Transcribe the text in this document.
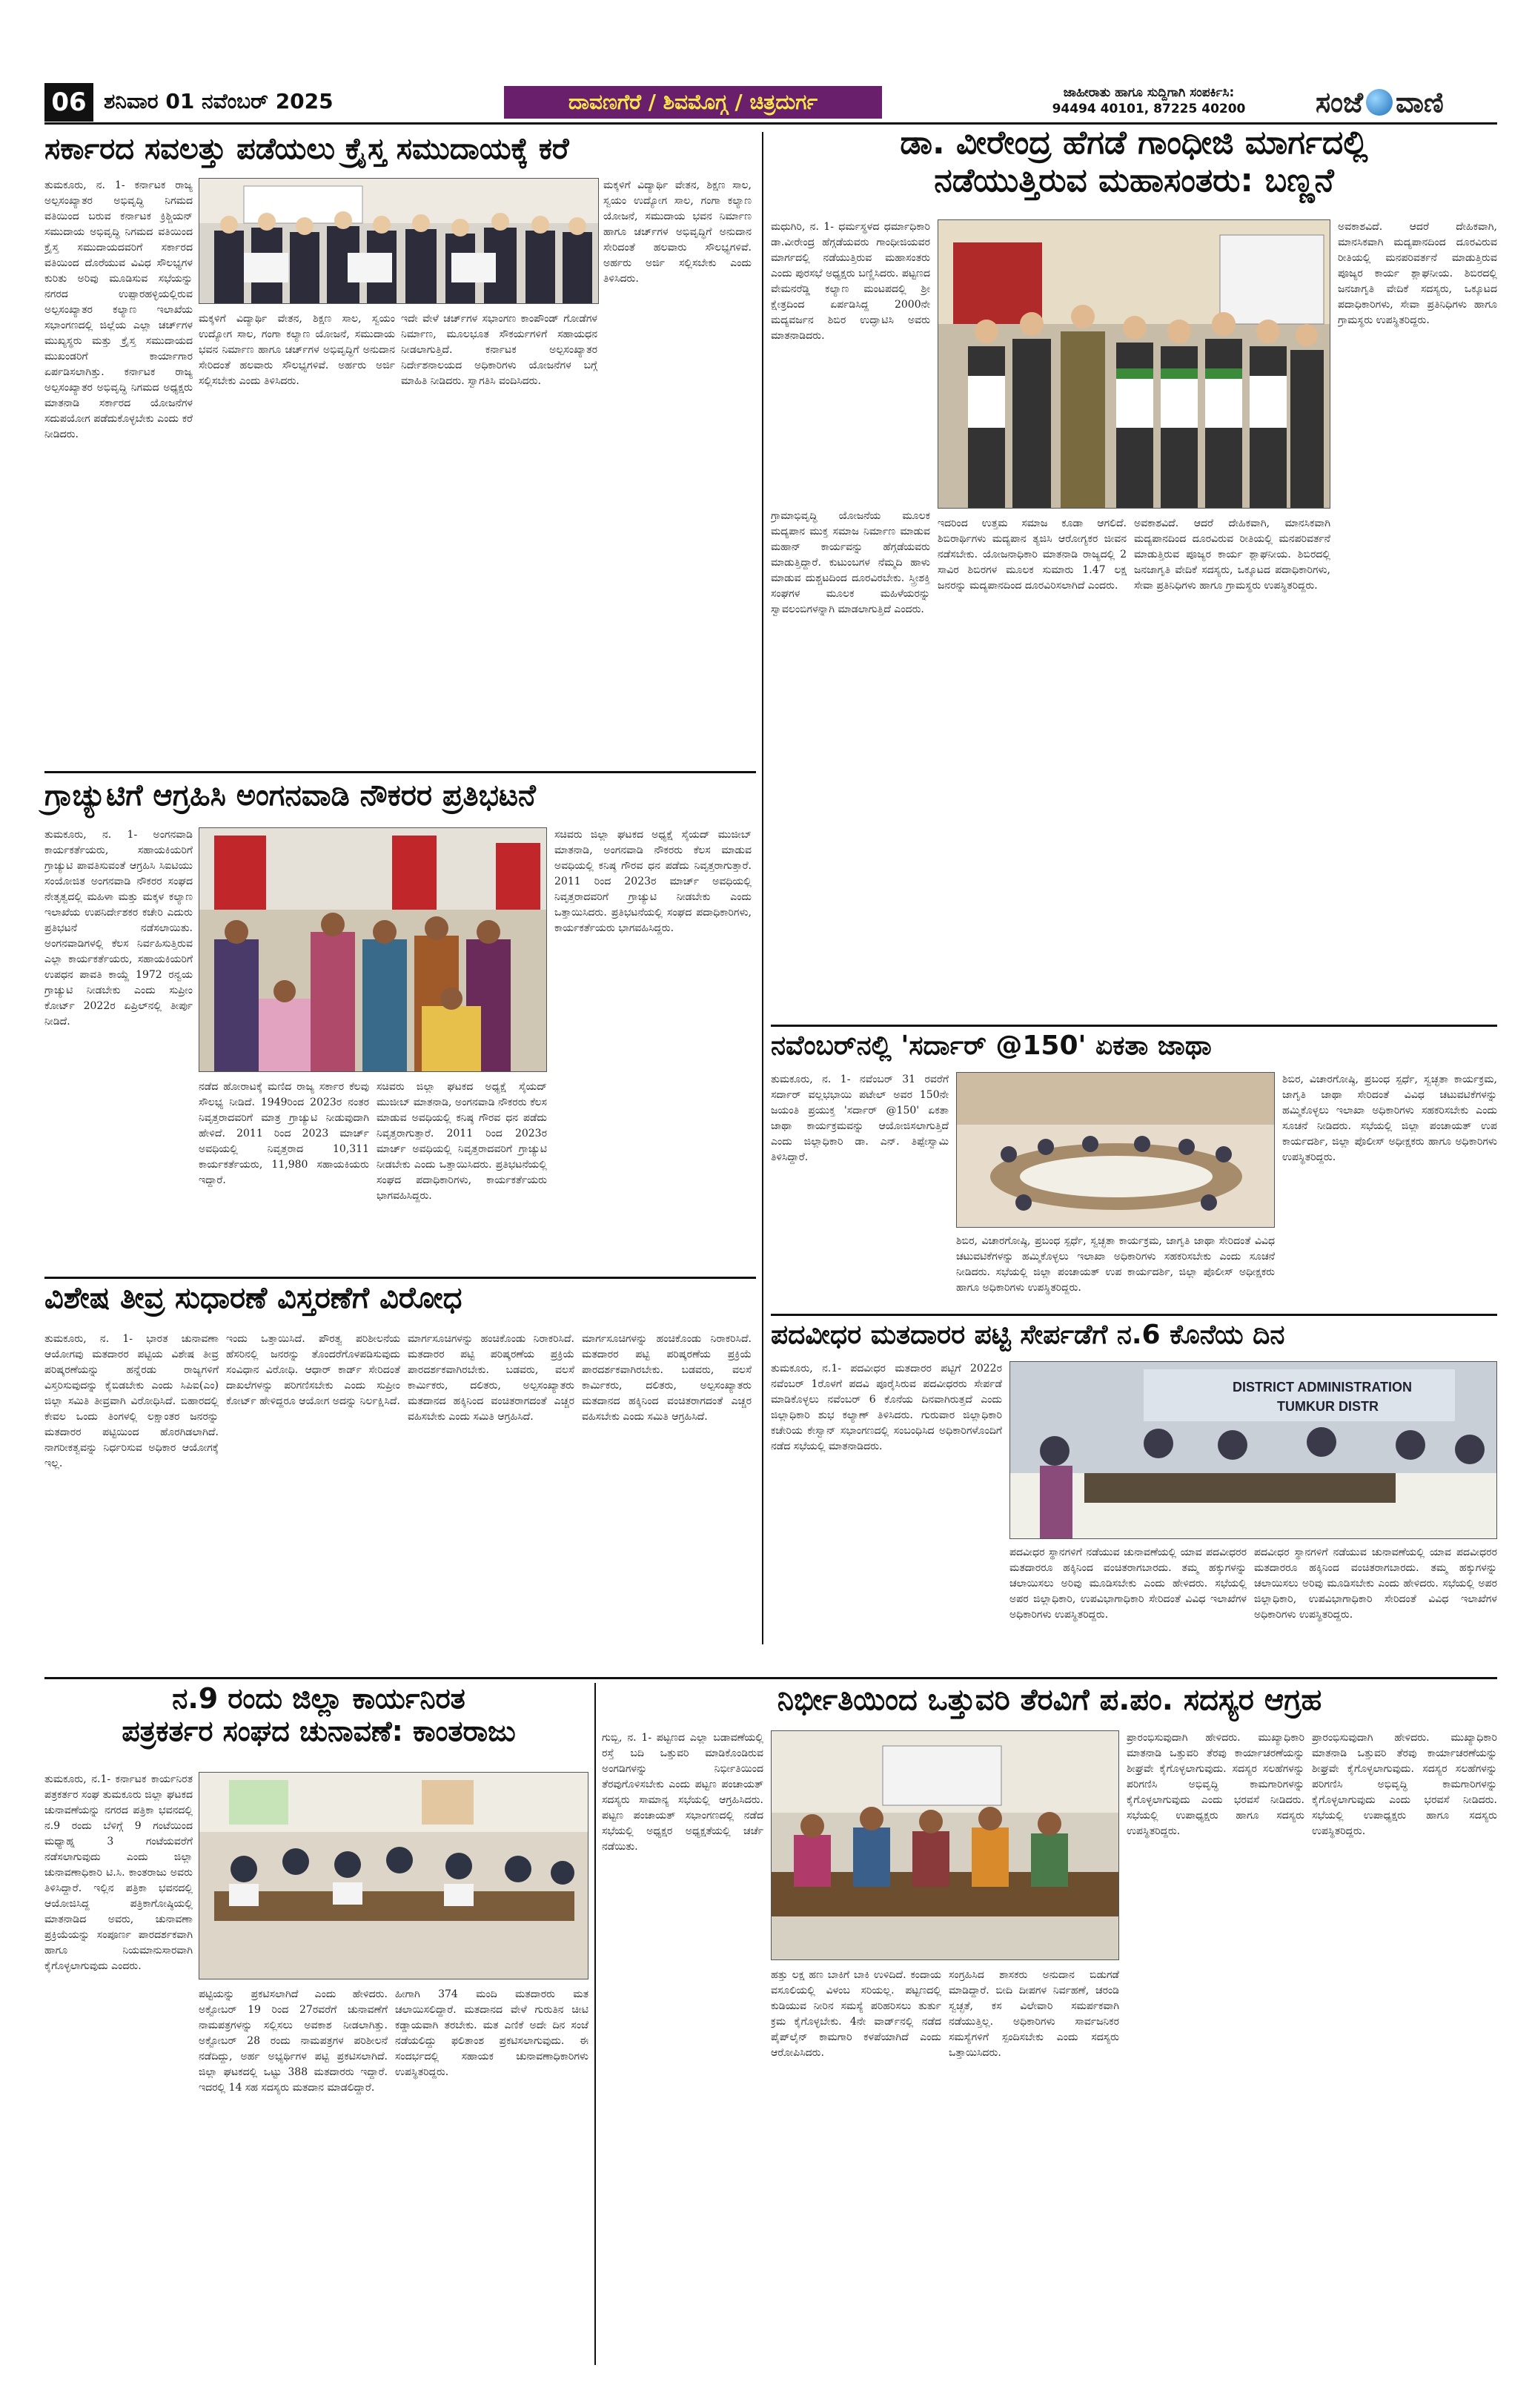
06 ಶನಿವಾರ 01 ನವೆಂಬರ್ 2025	ದಾವಣಗೆರೆ / ಶಿವಮೊಗ್ಗ / ಚಿತ್ರದುರ್ಗ	ಜಾಹೀರಾತು ಹಾಗೂ ಸುದ್ದಿಗಾಗಿ ಸಂಪರ್ಕಿಸಿ:
94494 40101, 87225 40200	ಸಂಜೆ ವಾಣಿ
ಸರ್ಕಾರದ ಸವಲತ್ತು ಪಡೆಯಲು ಕ್ರೈಸ್ತ ಸಮುದಾಯಕ್ಕೆ ಕರೆ
ತುಮಕೂರು, ನ. 1- ಕರ್ನಾಟಕ ರಾಜ್ಯ ಅಲ್ಪಸಂಖ್ಯಾತರ ಅಭಿವೃದ್ಧಿ ನಿಗಮದ ವತಿಯಿಂದ ಬರುವ ಕರ್ನಾಟಕ ಕ್ರಿಶ್ಚಿಯನ್ ಸಮುದಾಯ ಅಭಿವೃದ್ಧಿ ನಿಗಮದ ವತಿಯಿಂದ ಕ್ರೈಸ್ತ ಸಮುದಾಯದವರಿಗೆ ಸರ್ಕಾರದ ವತಿಯಿಂದ ದೊರೆಯುವ ವಿವಿಧ ಸೌಲಭ್ಯಗಳ ಕುರಿತು ಅರಿವು ಮೂಡಿಸುವ ಸಭೆಯನ್ನು ನಗರದ ಉಪ್ಪಾರಹಳ್ಳಿಯಲ್ಲಿರುವ ಅಲ್ಪಸಂಖ್ಯಾತರ ಕಲ್ಯಾಣ ಇಲಾಖೆಯ ಸಭಾಂಗಣದಲ್ಲಿ ಜಿಲ್ಲೆಯ ಎಲ್ಲಾ ಚರ್ಚ್‌ಗಳ ಮುಖ್ಯಸ್ಥರು ಮತ್ತು ಕ್ರೈಸ್ತ ಸಮುದಾಯದ ಮುಖಂಡರಿಗೆ ಕಾರ್ಯಾಗಾರ ಏರ್ಪಡಿಸಲಾಗಿತ್ತು. ಕರ್ನಾಟಕ ರಾಜ್ಯ ಅಲ್ಪಸಂಖ್ಯಾತರ ಅಭಿವೃದ್ಧಿ ನಿಗಮದ ಅಧ್ಯಕ್ಷರು ಮಾತನಾಡಿ ಸರ್ಕಾರದ ಯೋಜನೆಗಳ ಸದುಪಯೋಗ ಪಡೆದುಕೊಳ್ಳಬೇಕು ಎಂದು ಕರೆ ನೀಡಿದರು.
ಮಕ್ಕಳಿಗೆ ವಿದ್ಯಾರ್ಥಿ ವೇತನ, ಶಿಕ್ಷಣ ಸಾಲ, ಸ್ವಯಂ ಉದ್ಯೋಗ ಸಾಲ, ಗಂಗಾ ಕಲ್ಯಾಣ ಯೋಜನೆ, ಸಮುದಾಯ ಭವನ ನಿರ್ಮಾಣ ಹಾಗೂ ಚರ್ಚ್‌ಗಳ ಅಭಿವೃದ್ಧಿಗೆ ಅನುದಾನ ಸೇರಿದಂತೆ ಹಲವಾರು ಸೌಲಭ್ಯಗಳಿವೆ. ಅರ್ಹರು ಅರ್ಜಿ ಸಲ್ಲಿಸಬೇಕು ಎಂದು ತಿಳಿಸಿದರು.
ಇದೇ ವೇಳೆ ಚರ್ಚ್‌ಗಳ ಸಭಾಂಗಣ ಕಾಂಪೌಂಡ್ ಗೋಡೆಗಳ ನಿರ್ಮಾಣ, ಮೂಲಭೂತ ಸೌಕರ್ಯಗಳಿಗೆ ಸಹಾಯಧನ ನೀಡಲಾಗುತ್ತಿದೆ. ಕರ್ನಾಟಕ ಅಲ್ಪಸಂಖ್ಯಾತರ ನಿರ್ದೇಶನಾಲಯದ ಅಧಿಕಾರಿಗಳು ಯೋಜನೆಗಳ ಬಗ್ಗೆ ಮಾಹಿತಿ ನೀಡಿದರು. ಸ್ವಾಗತಿಸಿ ವಂದಿಸಿದರು.
ಮಕ್ಕಳಿಗೆ ವಿದ್ಯಾರ್ಥಿ ವೇತನ, ಶಿಕ್ಷಣ ಸಾಲ, ಸ್ವಯಂ ಉದ್ಯೋಗ ಸಾಲ, ಗಂಗಾ ಕಲ್ಯಾಣ ಯೋಜನೆ, ಸಮುದಾಯ ಭವನ ನಿರ್ಮಾಣ ಹಾಗೂ ಚರ್ಚ್‌ಗಳ ಅಭಿವೃದ್ಧಿಗೆ ಅನುದಾನ ಸೇರಿದಂತೆ ಹಲವಾರು ಸೌಲಭ್ಯಗಳಿವೆ. ಅರ್ಹರು ಅರ್ಜಿ ಸಲ್ಲಿಸಬೇಕು ಎಂದು ತಿಳಿಸಿದರು.
ಡಾ. ವೀರೇಂದ್ರ ಹೆಗಡೆ ಗಾಂಧೀಜಿ ಮಾರ್ಗದಲ್ಲಿ
ನಡೆಯುತ್ತಿರುವ ಮಹಾಸಂತರು: ಬಣ್ಣನೆ
ಮಧುಗಿರಿ, ನ. 1- ಧರ್ಮಸ್ಥಳದ ಧರ್ಮಾಧಿಕಾರಿ ಡಾ.ವೀರೇಂದ್ರ ಹೆಗ್ಗಡೆಯವರು ಗಾಂಧೀಜಿಯವರ ಮಾರ್ಗದಲ್ಲಿ ನಡೆಯುತ್ತಿರುವ ಮಹಾಸಂತರು ಎಂದು ಪುರಸಭೆ ಅಧ್ಯಕ್ಷರು ಬಣ್ಣಿಸಿದರು. ಪಟ್ಟಣದ ವೇಮನರೆಡ್ಡಿ ಕಲ್ಯಾಣ ಮಂಟಪದಲ್ಲಿ ಶ್ರೀ ಕ್ಷೇತ್ರದಿಂದ ಏರ್ಪಡಿಸಿದ್ದ 2000ನೇ ಮದ್ಯವರ್ಜನ ಶಿಬಿರ ಉದ್ಘಾಟಿಸಿ ಅವರು ಮಾತನಾಡಿದರು.
ಗ್ರಾಮಾಭಿವೃದ್ಧಿ ಯೋಜನೆಯ ಮೂಲಕ ಮದ್ಯಪಾನ ಮುಕ್ತ ಸಮಾಜ ನಿರ್ಮಾಣ ಮಾಡುವ ಮಹಾನ್ ಕಾರ್ಯವನ್ನು ಹೆಗ್ಗಡೆಯವರು ಮಾಡುತ್ತಿದ್ದಾರೆ. ಕುಟುಂಬಗಳ ನೆಮ್ಮದಿ ಹಾಳು ಮಾಡುವ ದುಶ್ಚಟದಿಂದ ದೂರವಿರಬೇಕು. ಸ್ತ್ರೀಶಕ್ತಿ ಸಂಘಗಳ ಮೂಲಕ ಮಹಿಳೆಯರನ್ನು ಸ್ವಾವಲಂಬಿಗಳನ್ನಾಗಿ ಮಾಡಲಾಗುತ್ತಿದೆ ಎಂದರು.
ಇದರಿಂದ ಉತ್ತಮ ಸಮಾಜ ಕೂಡಾ ಆಗಲಿದೆ. ಶಿಬಿರಾರ್ಥಿಗಳು ಮದ್ಯಪಾನ ತ್ಯಜಿಸಿ ಆರೋಗ್ಯಕರ ಜೀವನ ನಡೆಸಬೇಕು. ಯೋಜನಾಧಿಕಾರಿ ಮಾತನಾಡಿ ರಾಜ್ಯದಲ್ಲಿ 2 ಸಾವಿರ ಶಿಬಿರಗಳ ಮೂಲಕ ಸುಮಾರು 1.47 ಲಕ್ಷ ಜನರನ್ನು ಮದ್ಯಪಾನದಿಂದ ದೂರವಿರಿಸಲಾಗಿದೆ ಎಂದರು.
ಅವಕಾಶವಿದೆ. ಆದರೆ ದೇಹಿಕವಾಗಿ, ಮಾನಸಿಕವಾಗಿ ಮದ್ಯಪಾನದಿಂದ ದೂರವಿರುವ ರೀತಿಯಲ್ಲಿ ಮನಪರಿವರ್ತನೆ ಮಾಡುತ್ತಿರುವ ಪೂಜ್ಯರ ಕಾರ್ಯ ಶ್ಲಾಘನೀಯ. ಶಿಬಿರದಲ್ಲಿ ಜನಜಾಗೃತಿ ವೇದಿಕೆ ಸದಸ್ಯರು, ಒಕ್ಕೂಟದ ಪದಾಧಿಕಾರಿಗಳು, ಸೇವಾ ಪ್ರತಿನಿಧಿಗಳು ಹಾಗೂ ಗ್ರಾಮಸ್ಥರು ಉಪಸ್ಥಿತರಿದ್ದರು.
ಅವಕಾಶವಿದೆ. ಆದರೆ ದೇಹಿಕವಾಗಿ, ಮಾನಸಿಕವಾಗಿ ಮದ್ಯಪಾನದಿಂದ ದೂರವಿರುವ ರೀತಿಯಲ್ಲಿ ಮನಪರಿವರ್ತನೆ ಮಾಡುತ್ತಿರುವ ಪೂಜ್ಯರ ಕಾರ್ಯ ಶ್ಲಾಘನೀಯ. ಶಿಬಿರದಲ್ಲಿ ಜನಜಾಗೃತಿ ವೇದಿಕೆ ಸದಸ್ಯರು, ಒಕ್ಕೂಟದ ಪದಾಧಿಕಾರಿಗಳು, ಸೇವಾ ಪ್ರತಿನಿಧಿಗಳು ಹಾಗೂ ಗ್ರಾಮಸ್ಥರು ಉಪಸ್ಥಿತರಿದ್ದರು.
ಗ್ರಾಚ್ಯುಟಿಗೆ ಆಗ್ರಹಿಸಿ ಅಂಗನವಾಡಿ ನೌಕರರ ಪ್ರತಿಭಟನೆ
ತುಮಕೂರು, ನ. 1- ಅಂಗನವಾಡಿ ಕಾರ್ಯಕರ್ತೆಯರು, ಸಹಾಯಕಿಯರಿಗೆ ಗ್ರಾಚ್ಯುಟಿ ಪಾವತಿಸುವಂತೆ ಆಗ್ರಹಿಸಿ ಸಿಐಟಿಯು ಸಂಯೋಜಿತ ಅಂಗನವಾಡಿ ನೌಕರರ ಸಂಘದ ನೇತೃತ್ವದಲ್ಲಿ ಮಹಿಳಾ ಮತ್ತು ಮಕ್ಕಳ ಕಲ್ಯಾಣ ಇಲಾಖೆಯ ಉಪನಿರ್ದೇಶಕರ ಕಚೇರಿ ಎದುರು ಪ್ರತಿಭಟನೆ ನಡೆಸಲಾಯಿತು. ಅಂಗನವಾಡಿಗಳಲ್ಲಿ ಕೆಲಸ ನಿರ್ವಹಿಸುತ್ತಿರುವ ಎಲ್ಲಾ ಕಾರ್ಯಕರ್ತೆಯರು, ಸಹಾಯಕಿಯರಿಗೆ ಉಪಧನ ಪಾವತಿ ಕಾಯ್ದೆ 1972 ರನ್ವಯ ಗ್ರಾಚ್ಯುಟಿ ನೀಡಬೇಕು ಎಂದು ಸುಪ್ರೀಂ ಕೋರ್ಟ್ 2022ರ ಏಪ್ರಿಲ್‌ನಲ್ಲಿ ತೀರ್ಪು ನೀಡಿದೆ.
ನಡೆದ ಹೋರಾಟಕ್ಕೆ ಮಣಿದ ರಾಜ್ಯ ಸರ್ಕಾರ ಕೆಲವು ಸೌಲಭ್ಯ ನೀಡಿದೆ. 1949ರಿಂದ 2023ರ ನಂತರ ನಿವೃತ್ತರಾದವರಿಗೆ ಮಾತ್ರ ಗ್ರಾಚ್ಯುಟಿ ನೀಡುವುದಾಗಿ ಹೇಳಿದೆ. 2011 ರಿಂದ 2023 ಮಾರ್ಚ್ ಅವಧಿಯಲ್ಲಿ ನಿವೃತ್ತರಾದ 10,311 ಕಾರ್ಯಕರ್ತೆಯರು, 11,980 ಸಹಾಯಕಿಯರು ಇದ್ದಾರೆ.
ಸಚಿವರು ಜಿಲ್ಲಾ ಘಟಕದ ಅಧ್ಯಕ್ಷೆ ಸೈಯದ್ ಮುಜೀಬ್ ಮಾತನಾಡಿ, ಅಂಗನವಾಡಿ ನೌಕರರು ಕೆಲಸ ಮಾಡುವ ಅವಧಿಯಲ್ಲಿ ಕನಿಷ್ಠ ಗೌರವ ಧನ ಪಡೆದು ನಿವೃತ್ತರಾಗುತ್ತಾರೆ. 2011 ರಿಂದ 2023ರ ಮಾರ್ಚ್ ಅವಧಿಯಲ್ಲಿ ನಿವೃತ್ತರಾದವರಿಗೆ ಗ್ರಾಚ್ಯುಟಿ ನೀಡಬೇಕು ಎಂದು ಒತ್ತಾಯಿಸಿದರು. ಪ್ರತಿಭಟನೆಯಲ್ಲಿ ಸಂಘದ ಪದಾಧಿಕಾರಿಗಳು, ಕಾರ್ಯಕರ್ತೆಯರು ಭಾಗವಹಿಸಿದ್ದರು.
ಸಚಿವರು ಜಿಲ್ಲಾ ಘಟಕದ ಅಧ್ಯಕ್ಷೆ ಸೈಯದ್ ಮುಜೀಬ್ ಮಾತನಾಡಿ, ಅಂಗನವಾಡಿ ನೌಕರರು ಕೆಲಸ ಮಾಡುವ ಅವಧಿಯಲ್ಲಿ ಕನಿಷ್ಠ ಗೌರವ ಧನ ಪಡೆದು ನಿವೃತ್ತರಾಗುತ್ತಾರೆ. 2011 ರಿಂದ 2023ರ ಮಾರ್ಚ್ ಅವಧಿಯಲ್ಲಿ ನಿವೃತ್ತರಾದವರಿಗೆ ಗ್ರಾಚ್ಯುಟಿ ನೀಡಬೇಕು ಎಂದು ಒತ್ತಾಯಿಸಿದರು. ಪ್ರತಿಭಟನೆಯಲ್ಲಿ ಸಂಘದ ಪದಾಧಿಕಾರಿಗಳು, ಕಾರ್ಯಕರ್ತೆಯರು ಭಾಗವಹಿಸಿದ್ದರು.
ನವೆಂಬರ್‌ನಲ್ಲಿ 'ಸರ್ದಾರ್ @150' ಏಕತಾ ಜಾಥಾ
ತುಮಕೂರು, ನ. 1- ನವೆಂಬರ್ 31 ರವರೆಗೆ ಸರ್ದಾರ್ ವಲ್ಲಭಭಾಯಿ ಪಟೇಲ್ ಅವರ 150ನೇ ಜಯಂತಿ ಪ್ರಯುಕ್ತ 'ಸರ್ದಾರ್ @150' ಏಕತಾ ಜಾಥಾ ಕಾರ್ಯಕ್ರಮವನ್ನು ಆಯೋಜಿಸಲಾಗುತ್ತಿದೆ ಎಂದು ಜಿಲ್ಲಾಧಿಕಾರಿ ಡಾ. ಎನ್. ತಿಪ್ಪೇಸ್ವಾಮಿ ತಿಳಿಸಿದ್ದಾರೆ.
ಶಿಬಿರ, ವಿಚಾರಗೋಷ್ಠಿ, ಪ್ರಬಂಧ ಸ್ಪರ್ಧೆ, ಸ್ವಚ್ಛತಾ ಕಾರ್ಯಕ್ರಮ, ಜಾಗೃತಿ ಜಾಥಾ ಸೇರಿದಂತೆ ವಿವಿಧ ಚಟುವಟಿಕೆಗಳನ್ನು ಹಮ್ಮಿಕೊಳ್ಳಲು ಇಲಾಖಾ ಅಧಿಕಾರಿಗಳು ಸಹಕರಿಸಬೇಕು ಎಂದು ಸೂಚನೆ ನೀಡಿದರು. ಸಭೆಯಲ್ಲಿ ಜಿಲ್ಲಾ ಪಂಚಾಯತ್ ಉಪ ಕಾರ್ಯದರ್ಶಿ, ಜಿಲ್ಲಾ ಪೊಲೀಸ್ ಅಧೀಕ್ಷಕರು ಹಾಗೂ ಅಧಿಕಾರಿಗಳು ಉಪಸ್ಥಿತರಿದ್ದರು.
ಶಿಬಿರ, ವಿಚಾರಗೋಷ್ಠಿ, ಪ್ರಬಂಧ ಸ್ಪರ್ಧೆ, ಸ್ವಚ್ಛತಾ ಕಾರ್ಯಕ್ರಮ, ಜಾಗೃತಿ ಜಾಥಾ ಸೇರಿದಂತೆ ವಿವಿಧ ಚಟುವಟಿಕೆಗಳನ್ನು ಹಮ್ಮಿಕೊಳ್ಳಲು ಇಲಾಖಾ ಅಧಿಕಾರಿಗಳು ಸಹಕರಿಸಬೇಕು ಎಂದು ಸೂಚನೆ ನೀಡಿದರು. ಸಭೆಯಲ್ಲಿ ಜಿಲ್ಲಾ ಪಂಚಾಯತ್ ಉಪ ಕಾರ್ಯದರ್ಶಿ, ಜಿಲ್ಲಾ ಪೊಲೀಸ್ ಅಧೀಕ್ಷಕರು ಹಾಗೂ ಅಧಿಕಾರಿಗಳು ಉಪಸ್ಥಿತರಿದ್ದರು.
ವಿಶೇಷ ತೀವ್ರ ಸುಧಾರಣೆ ವಿಸ್ತರಣೆಗೆ ವಿರೋಧ
ತುಮಕೂರು, ನ. 1- ಭಾರತ ಚುನಾವಣಾ ಆಯೋಗವು ಮತದಾರರ ಪಟ್ಟಿಯ ವಿಶೇಷ ತೀವ್ರ ಪರಿಷ್ಕರಣೆಯನ್ನು ಹನ್ನೆರಡು ರಾಜ್ಯಗಳಿಗೆ ವಿಸ್ತರಿಸುವುದನ್ನು ಕೈಬಿಡಬೇಕು ಎಂದು ಸಿಪಿಐ(ಎಂ) ಜಿಲ್ಲಾ ಸಮಿತಿ ತೀವ್ರವಾಗಿ ವಿರೋಧಿಸಿದೆ. ಬಿಹಾರದಲ್ಲಿ ಕೇವಲ ಒಂದು ತಿಂಗಳಲ್ಲಿ ಲಕ್ಷಾಂತರ ಜನರನ್ನು ಮತದಾರರ ಪಟ್ಟಿಯಿಂದ ಹೊರಗಿಡಲಾಗಿದೆ. ನಾಗರೀಕತ್ವವನ್ನು ನಿರ್ಧರಿಸುವ ಅಧಿಕಾರ ಆಯೋಗಕ್ಕೆ ಇಲ್ಲ.
ಇಂದು ಒತ್ತಾಯಿಸಿದೆ. ಪೌರತ್ವ ಪರಿಶೀಲನೆಯ ಹೆಸರಿನಲ್ಲಿ ಜನರನ್ನು ತೊಂದರೆಗೊಳಪಡಿಸುವುದು ಸಂವಿಧಾನ ವಿರೋಧಿ. ಆಧಾರ್ ಕಾರ್ಡ್ ಸೇರಿದಂತೆ ದಾಖಲೆಗಳನ್ನು ಪರಿಗಣಿಸಬೇಕು ಎಂದು ಸುಪ್ರೀಂ ಕೋರ್ಟ್ ಹೇಳಿದ್ದರೂ ಆಯೋಗ ಅದನ್ನು ನಿರ್ಲಕ್ಷಿಸಿದೆ.
ಮಾರ್ಗಸೂಚಿಗಳನ್ನು ಹಂಚಿಕೊಂಡು ನಿರಾಕರಿಸಿದೆ. ಮತದಾರರ ಪಟ್ಟಿ ಪರಿಷ್ಕರಣೆಯ ಪ್ರಕ್ರಿಯೆ ಪಾರದರ್ಶಕವಾಗಿರಬೇಕು. ಬಡವರು, ವಲಸೆ ಕಾರ್ಮಿಕರು, ದಲಿತರು, ಅಲ್ಪಸಂಖ್ಯಾತರು ಮತದಾನದ ಹಕ್ಕಿನಿಂದ ವಂಚಿತರಾಗದಂತೆ ಎಚ್ಚರ ವಹಿಸಬೇಕು ಎಂದು ಸಮಿತಿ ಆಗ್ರಹಿಸಿದೆ.
ಮಾರ್ಗಸೂಚಿಗಳನ್ನು ಹಂಚಿಕೊಂಡು ನಿರಾಕರಿಸಿದೆ. ಮತದಾರರ ಪಟ್ಟಿ ಪರಿಷ್ಕರಣೆಯ ಪ್ರಕ್ರಿಯೆ ಪಾರದರ್ಶಕವಾಗಿರಬೇಕು. ಬಡವರು, ವಲಸೆ ಕಾರ್ಮಿಕರು, ದಲಿತರು, ಅಲ್ಪಸಂಖ್ಯಾತರು ಮತದಾನದ ಹಕ್ಕಿನಿಂದ ವಂಚಿತರಾಗದಂತೆ ಎಚ್ಚರ ವಹಿಸಬೇಕು ಎಂದು ಸಮಿತಿ ಆಗ್ರಹಿಸಿದೆ.
ಪದವೀಧರ ಮತದಾರರ ಪಟ್ಟಿ ಸೇರ್ಪಡೆಗೆ ನ.6 ಕೊನೆಯ ದಿನ
DISTRICT ADMINISTRATION
TUMKUR DISTR
ತುಮಕೂರು, ನ.1- ಪದವೀಧರ ಮತದಾರರ ಪಟ್ಟಿಗೆ 2022ರ ನವೆಂಬರ್ 1ರೊಳಗೆ ಪದವಿ ಪೂರೈಸಿರುವ ಪದವೀಧರರು ಸೇರ್ಪಡೆ ಮಾಡಿಕೊಳ್ಳಲು ನವೆಂಬರ್ 6 ಕೊನೆಯ ದಿನವಾಗಿರುತ್ತದೆ ಎಂದು ಜಿಲ್ಲಾಧಿಕಾರಿ ಶುಭ ಕಲ್ಯಾಣ್ ತಿಳಿಸಿದರು. ಗುರುವಾರ ಜಿಲ್ಲಾಧಿಕಾರಿ ಕಚೇರಿಯ ಕೇಸ್ವಾನ್ ಸಭಾಂಗಣದಲ್ಲಿ ಸಂಬಂಧಿಸಿದ ಅಧಿಕಾರಿಗಳೊಂದಿಗೆ ನಡೆದ ಸಭೆಯಲ್ಲಿ ಮಾತನಾಡಿದರು.
ಪದವೀಧರ ಸ್ಥಾನಗಳಿಗೆ ನಡೆಯುವ ಚುನಾವಣೆಯಲ್ಲಿ ಯಾವ ಪದವೀಧರರ ಮತದಾರರೂ ಹಕ್ಕಿನಿಂದ ವಂಚಿತರಾಗಬಾರದು. ತಮ್ಮ ಹಕ್ಕುಗಳನ್ನು ಚಲಾಯಿಸಲು ಅರಿವು ಮೂಡಿಸಬೇಕು ಎಂದು ಹೇಳಿದರು. ಸಭೆಯಲ್ಲಿ ಅಪರ ಜಿಲ್ಲಾಧಿಕಾರಿ, ಉಪವಿಭಾಗಾಧಿಕಾರಿ ಸೇರಿದಂತೆ ವಿವಿಧ ಇಲಾಖೆಗಳ ಅಧಿಕಾರಿಗಳು ಉಪಸ್ಥಿತರಿದ್ದರು.
ಪದವೀಧರ ಸ್ಥಾನಗಳಿಗೆ ನಡೆಯುವ ಚುನಾವಣೆಯಲ್ಲಿ ಯಾವ ಪದವೀಧರರ ಮತದಾರರೂ ಹಕ್ಕಿನಿಂದ ವಂಚಿತರಾಗಬಾರದು. ತಮ್ಮ ಹಕ್ಕುಗಳನ್ನು ಚಲಾಯಿಸಲು ಅರಿವು ಮೂಡಿಸಬೇಕು ಎಂದು ಹೇಳಿದರು. ಸಭೆಯಲ್ಲಿ ಅಪರ ಜಿಲ್ಲಾಧಿಕಾರಿ, ಉಪವಿಭಾಗಾಧಿಕಾರಿ ಸೇರಿದಂತೆ ವಿವಿಧ ಇಲಾಖೆಗಳ ಅಧಿಕಾರಿಗಳು ಉಪಸ್ಥಿತರಿದ್ದರು.
ನ.9 ರಂದು ಜಿಲ್ಲಾ ಕಾರ್ಯನಿರತ
ಪತ್ರಕರ್ತರ ಸಂಘದ ಚುನಾವಣೆ: ಕಾಂತರಾಜು
ತುಮಕೂರು, ನ.1- ಕರ್ನಾಟಕ ಕಾರ್ಯನಿರತ ಪತ್ರಕರ್ತರ ಸಂಘ ತುಮಕೂರು ಜಿಲ್ಲಾ ಘಟಕದ ಚುನಾವಣೆಯನ್ನು ನಗರದ ಪತ್ರಿಕಾ ಭವನದಲ್ಲಿ ನ.9 ರಂದು ಬೆಳಿಗ್ಗೆ 9 ಗಂಟೆಯಿಂದ ಮಧ್ಯಾಹ್ನ 3 ಗಂಟೆಯವರೆಗೆ ನಡೆಸಲಾಗುವುದು ಎಂದು ಜಿಲ್ಲಾ ಚುನಾವಣಾಧಿಕಾರಿ ಟಿ.ಸಿ. ಕಾಂತರಾಜು ಅವರು ತಿಳಿಸಿದ್ದಾರೆ. ಇಲ್ಲಿನ ಪತ್ರಿಕಾ ಭವನದಲ್ಲಿ ಆಯೋಜಿಸಿದ್ದ ಪತ್ರಿಕಾಗೋಷ್ಠಿಯಲ್ಲಿ ಮಾತನಾಡಿದ ಅವರು, ಚುನಾವಣಾ ಪ್ರಕ್ರಿಯೆಯನ್ನು ಸಂಪೂರ್ಣ ಪಾರದರ್ಶಕವಾಗಿ ಹಾಗೂ ನಿಯಮಾನುಸಾರವಾಗಿ ಕೈಗೊಳ್ಳಲಾಗುವುದು ಎಂದರು.
ಪಟ್ಟಿಯನ್ನು ಪ್ರಕಟಿಸಲಾಗಿದೆ ಎಂದು ಹೇಳಿದರು. ಅಕ್ಟೋಬರ್ 19 ರಿಂದ 27ರವರೆಗೆ ಚುನಾವಣೆಗೆ ನಾಮಪತ್ರಗಳನ್ನು ಸಲ್ಲಿಸಲು ಅವಕಾಶ ನೀಡಲಾಗಿತ್ತು. ಅಕ್ಟೋಬರ್ 28 ರಂದು ನಾಮಪತ್ರಗಳ ಪರಿಶೀಲನೆ ನಡೆದಿದ್ದು, ಅರ್ಹ ಅಭ್ಯರ್ಥಿಗಳ ಪಟ್ಟಿ ಪ್ರಕಟಿಸಲಾಗಿದೆ. ಜಿಲ್ಲಾ ಘಟಕದಲ್ಲಿ ಒಟ್ಟು 388 ಮತದಾರರು ಇದ್ದಾರೆ. ಇದರಲ್ಲಿ 14 ಸಹ ಸದಸ್ಯರು ಮತದಾನ ಮಾಡಲಿದ್ದಾರೆ.
ಹೀಗಾಗಿ 374 ಮಂದಿ ಮತದಾರರು ಮತ ಚಲಾಯಿಸಲಿದ್ದಾರೆ. ಮತದಾನದ ವೇಳೆ ಗುರುತಿನ ಚೀಟಿ ಕಡ್ಡಾಯವಾಗಿ ತರಬೇಕು. ಮತ ಎಣಿಕೆ ಅದೇ ದಿನ ಸಂಜೆ ನಡೆಯಲಿದ್ದು ಫಲಿತಾಂಶ ಪ್ರಕಟಿಸಲಾಗುವುದು. ಈ ಸಂದರ್ಭದಲ್ಲಿ ಸಹಾಯಕ ಚುನಾವಣಾಧಿಕಾರಿಗಳು ಉಪಸ್ಥಿತರಿದ್ದರು.
ನಿರ್ಭೀತಿಯಿಂದ ಒತ್ತುವರಿ ತೆರವಿಗೆ ಪ.ಪಂ. ಸದಸ್ಯರ ಆಗ್ರಹ
ಗುಬ್ಬಿ, ನ. 1- ಪಟ್ಟಣದ ಎಲ್ಲಾ ಬಡಾವಣೆಯಲ್ಲಿ ರಸ್ತೆ ಬದಿ ಒತ್ತುವರಿ ಮಾಡಿಕೊಂಡಿರುವ ಅಂಗಡಿಗಳನ್ನು ನಿರ್ಭೀತಿಯಿಂದ ತೆರವುಗೊಳಿಸಬೇಕು ಎಂದು ಪಟ್ಟಣ ಪಂಚಾಯತ್ ಸದಸ್ಯರು ಸಾಮಾನ್ಯ ಸಭೆಯಲ್ಲಿ ಆಗ್ರಹಿಸಿದರು. ಪಟ್ಟಣ ಪಂಚಾಯತ್ ಸಭಾಂಗಣದಲ್ಲಿ ನಡೆದ ಸಭೆಯಲ್ಲಿ ಅಧ್ಯಕ್ಷರ ಅಧ್ಯಕ್ಷತೆಯಲ್ಲಿ ಚರ್ಚೆ ನಡೆಯಿತು.
ಹತ್ತು ಲಕ್ಷ ಹಣ ಬಾಕಿಗೆ ಬಾಕಿ ಉಳಿದಿದೆ. ಕಂದಾಯ ವಸೂಲಿಯಲ್ಲಿ ವಿಳಂಬ ಸರಿಯಲ್ಲ. ಪಟ್ಟಣದಲ್ಲಿ ಕುಡಿಯುವ ನೀರಿನ ಸಮಸ್ಯೆ ಪರಿಹರಿಸಲು ತುರ್ತು ಕ್ರಮ ಕೈಗೊಳ್ಳಬೇಕು. 4ನೇ ವಾರ್ಡ್‌ನಲ್ಲಿ ನಡೆದ ಪೈಪ್‌ಲೈನ್ ಕಾಮಗಾರಿ ಕಳಪೆಯಾಗಿದೆ ಎಂದು ಆರೋಪಿಸಿದರು.
ಸಂಗ್ರಹಿಸಿದ ಶಾಸಕರು ಅನುದಾನ ಬಿಡುಗಡೆ ಮಾಡಿದ್ದಾರೆ. ಬೀದಿ ದೀಪಗಳ ನಿರ್ವಹಣೆ, ಚರಂಡಿ ಸ್ವಚ್ಛತೆ, ಕಸ ವಿಲೇವಾರಿ ಸಮರ್ಪಕವಾಗಿ ನಡೆಯುತ್ತಿಲ್ಲ. ಅಧಿಕಾರಿಗಳು ಸಾರ್ವಜನಿಕರ ಸಮಸ್ಯೆಗಳಿಗೆ ಸ್ಪಂದಿಸಬೇಕು ಎಂದು ಸದಸ್ಯರು ಒತ್ತಾಯಿಸಿದರು.
ಪ್ರಾರಂಭಿಸುವುದಾಗಿ ಹೇಳಿದರು. ಮುಖ್ಯಾಧಿಕಾರಿ ಮಾತನಾಡಿ ಒತ್ತುವರಿ ತೆರವು ಕಾರ್ಯಾಚರಣೆಯನ್ನು ಶೀಘ್ರವೇ ಕೈಗೊಳ್ಳಲಾಗುವುದು. ಸದಸ್ಯರ ಸಲಹೆಗಳನ್ನು ಪರಿಗಣಿಸಿ ಅಭಿವೃದ್ಧಿ ಕಾಮಗಾರಿಗಳನ್ನು ಕೈಗೊಳ್ಳಲಾಗುವುದು ಎಂದು ಭರವಸೆ ನೀಡಿದರು. ಸಭೆಯಲ್ಲಿ ಉಪಾಧ್ಯಕ್ಷರು ಹಾಗೂ ಸದಸ್ಯರು ಉಪಸ್ಥಿತರಿದ್ದರು.
ಪ್ರಾರಂಭಿಸುವುದಾಗಿ ಹೇಳಿದರು. ಮುಖ್ಯಾಧಿಕಾರಿ ಮಾತನಾಡಿ ಒತ್ತುವರಿ ತೆರವು ಕಾರ್ಯಾಚರಣೆಯನ್ನು ಶೀಘ್ರವೇ ಕೈಗೊಳ್ಳಲಾಗುವುದು. ಸದಸ್ಯರ ಸಲಹೆಗಳನ್ನು ಪರಿಗಣಿಸಿ ಅಭಿವೃದ್ಧಿ ಕಾಮಗಾರಿಗಳನ್ನು ಕೈಗೊಳ್ಳಲಾಗುವುದು ಎಂದು ಭರವಸೆ ನೀಡಿದರು. ಸಭೆಯಲ್ಲಿ ಉಪಾಧ್ಯಕ್ಷರು ಹಾಗೂ ಸದಸ್ಯರು ಉಪಸ್ಥಿತರಿದ್ದರು.
